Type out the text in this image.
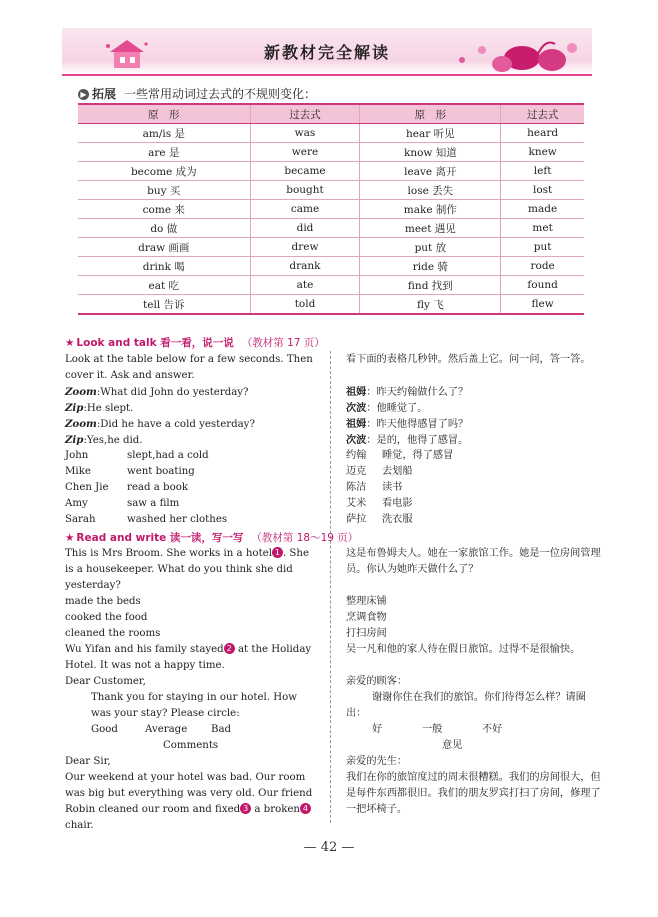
新教材完全解读
▶ 拓展 一些常用动词过去式的不规则变化：
原　形	过去式	原　形	过去式
am/is 是	was	hear 听见	heard
are 是	were	know 知道	knew
become 成为	became	leave 离开	left
buy 买	bought	lose 丢失	lost
come 来	came	make 制作	made
do 做	did	meet 遇见	met
draw 画画	drew	put 放	put
drink 喝	drank	ride 骑	rode
eat 吃	ate	find 找到	found
tell 告诉	told	fly 飞	flew
★ Look and talk 看一看，说一说 （教材第 17 页）
Look at the table below for a few seconds. Then cover it. Ask and answer.
Zoom:What did John do yesterday?
Zip:He slept.
Zoom:Did he have a cold yesterday?
Zip:Yes,he did.
John	slept,had a cold
Mike	went boating
Chen Jie read a book
Amy	saw a film
Sarah	washed her clothes
看下面的表格几秒钟。然后盖上它。问一问，答一答。
祖姆：昨天约翰做什么了？
次波：他睡觉了。
祖姆：昨天他得感冒了吗？
次波：是的，他得了感冒。
约翰 睡觉，得了感冒
迈克 去划船
陈洁 读书
艾米 看电影
萨拉 洗衣服
★ Read and write 读一读，写一写 （教材第 18～19 页）
This is Mrs Broom. She works in a hotel 1 . She is a housekeeper. What do you think she did yesterday?
made the beds
cooked the food
cleaned the rooms
Wu Yifan and his family stayed 2 at the Holiday Hotel. It was not a happy time.
Dear Customer,
Thank you for staying in our hotel. How was your stay? Please circle:
Good	Average Bad
Comments
Dear Sir,
Our weekend at your hotel was bad. Our room was big but everything was very old. Our friend Robin cleaned our room and fixed 3 a broken 4 chair.
这是布鲁姆夫人。她在一家旅馆工作。她是一位房间管理员。你认为她昨天做什么了？
整理床铺
烹调食物
打扫房间
吴一凡和他的家人待在假日旅馆。过得不是很愉快。
亲爱的顾客：
谢谢你住在我们的旅馆。你们待得怎么样？请圈出：
好	一般	不好
意见
亲爱的先生：
我们在你的旅馆度过的周末很糟糕。我们的房间很大，但是每件东西都很旧。我们的朋友罗宾打扫了房间，修理了一把坏椅子。
— 42 —
